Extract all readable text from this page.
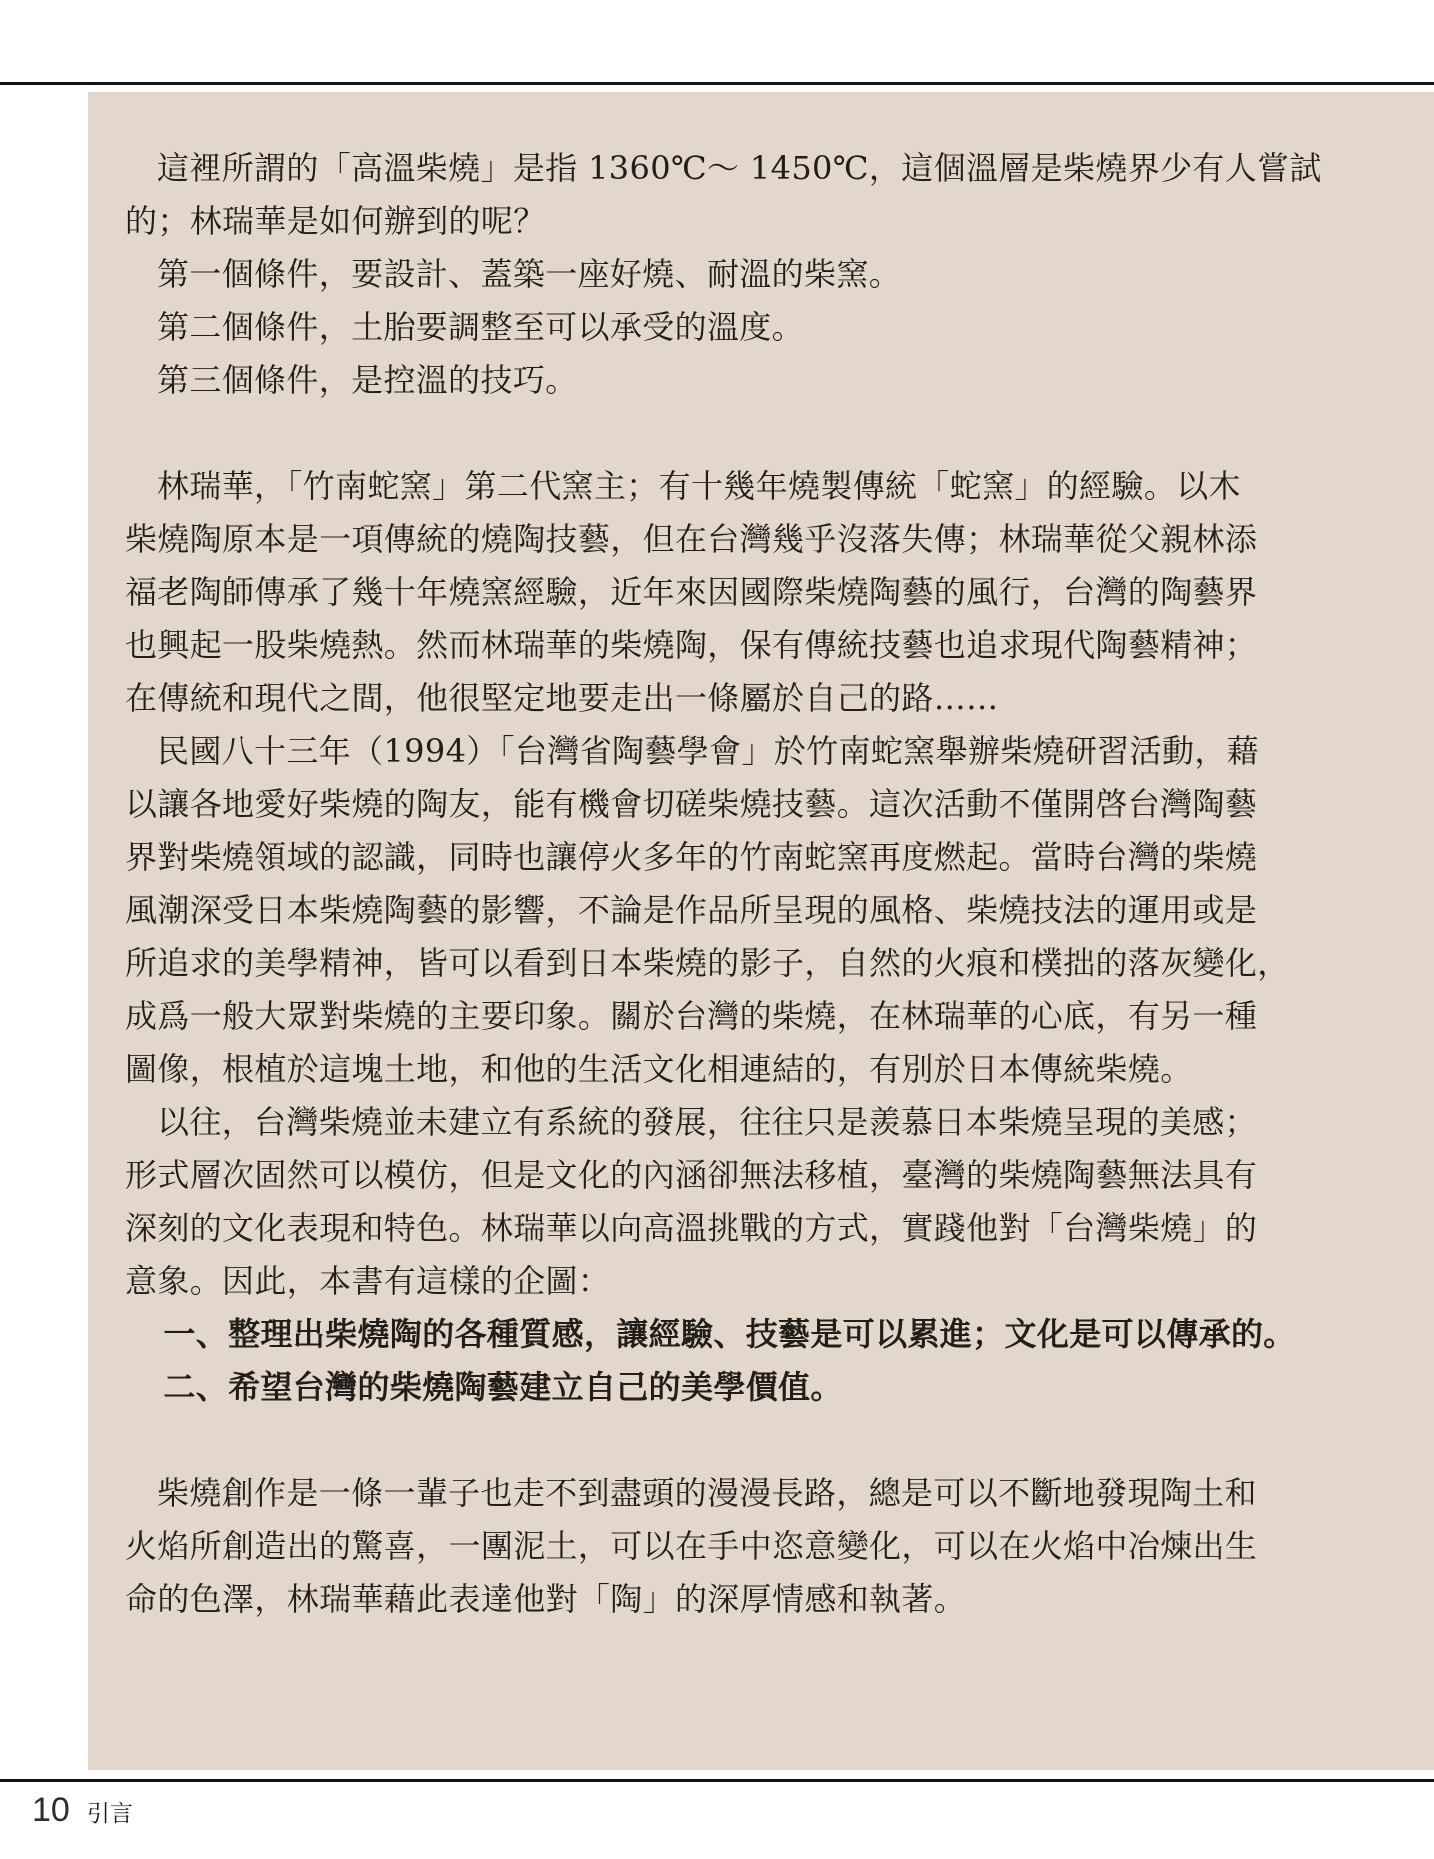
這裡所謂的「高溫柴燒」是指 1360℃～ 1450℃，這個溫層是柴燒界少有人嘗試
的；林瑞華是如何辦到的呢？
第一個條件，要設計、蓋築一座好燒、耐溫的柴窯。
第二個條件，土胎要調整至可以承受的溫度。
第三個條件，是控溫的技巧。
林瑞華，「竹南蛇窯」第二代窯主；有十幾年燒製傳統「蛇窯」的經驗。以木
柴燒陶原本是一項傳統的燒陶技藝，但在台灣幾乎沒落失傳；林瑞華從父親林添
福老陶師傳承了幾十年燒窯經驗，近年來因國際柴燒陶藝的風行，台灣的陶藝界
也興起一股柴燒熱。然而林瑞華的柴燒陶，保有傳統技藝也追求現代陶藝精神；
在傳統和現代之間，他很堅定地要走出一條屬於自己的路……
民國八十三年（1994）「台灣省陶藝學會」於竹南蛇窯舉辦柴燒研習活動，藉
以讓各地愛好柴燒的陶友，能有機會切磋柴燒技藝。這次活動不僅開啓台灣陶藝
界對柴燒領域的認識，同時也讓停火多年的竹南蛇窯再度燃起。當時台灣的柴燒
風潮深受日本柴燒陶藝的影響，不論是作品所呈現的風格、柴燒技法的運用或是
所追求的美學精神，皆可以看到日本柴燒的影子，自然的火痕和樸拙的落灰變化，
成爲一般大眾對柴燒的主要印象。關於台灣的柴燒，在林瑞華的心底，有另一種
圖像，根植於這塊土地，和他的生活文化相連結的，有別於日本傳統柴燒。
以往，台灣柴燒並未建立有系統的發展，往往只是羨慕日本柴燒呈現的美感；
形式層次固然可以模仿，但是文化的內涵卻無法移植，臺灣的柴燒陶藝無法具有
深刻的文化表現和特色。林瑞華以向高溫挑戰的方式，實踐他對「台灣柴燒」的
意象。因此，本書有這樣的企圖：
一、整理出柴燒陶的各種質感，讓經驗、技藝是可以累進；文化是可以傳承的。
二、希望台灣的柴燒陶藝建立自己的美學價值。
柴燒創作是一條一輩子也走不到盡頭的漫漫長路，總是可以不斷地發現陶土和
火焰所創造出的驚喜，一團泥土，可以在手中恣意變化，可以在火焰中冶煉出生
命的色澤，林瑞華藉此表達他對「陶」的深厚情感和執著。
10 引言
